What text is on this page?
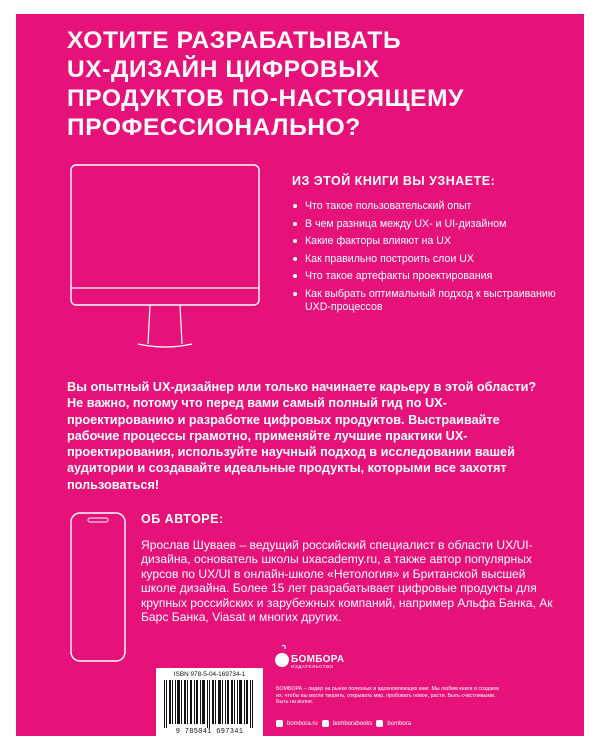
ХОТИТЕ РАЗРАБАТЫВАТЬ
UX-ДИЗАЙН ЦИФРОВЫХ
ПРОДУКТОВ ПО-НАСТОЯЩЕМУ
ПРОФЕССИОНАЛЬНО?
ИЗ ЭТОЙ КНИГИ ВЫ УЗНАЕТЕ:
Что такое пользовательский опыт
В чем разница между UX- и UI-дизайном
Какие факторы влияют на UX
Как правильно построить слои UX
Что такое артефакты проектирования
Как выбрать оптимальный подход к выстраиванию UXD-процессов

Вы опытный UX-дизайнер или только начинаете карьеру в этой области? Не важно, потому что перед вами самый полный гид по UX-проектированию и разработке цифровых продуктов. Выстраивайте рабочие процессы грамотно, применяйте лучшие практики UX-проектирования, используйте научный подход в исследовании вашей аудитории и создавайте идеальные продукты, которыми все захотят пользоваться!

ОБ АВТОРЕ:

Ярослав Шуваев – ведущий российский специалист в области UX/UI-дизайна, основатель школы uxacademy.ru, а также автор популярных курсов по UX/UI в онлайн-школе «Нетология» и Британской высшей школе дизайна. Более 15 лет разрабатывает цифровые продукты для крупных российских и зарубежных компаний, например Альфа Банка, Ак Барс Банка, Viasat и многих других.

ISBN 978-5-04-169734-1
9 785041 697341
БОМБОРА
ИЗДАТЕЛЬСТВО

БОМБОРА – лидер на рынке полезных и вдохновляющих книг. Мы любим книги и создаем их, чтобы вы могли творить, открывать мир, пробовать новое, расти. Быть счастливыми. Быть на волне.

bombora.ru	bomborabooks	bombora
